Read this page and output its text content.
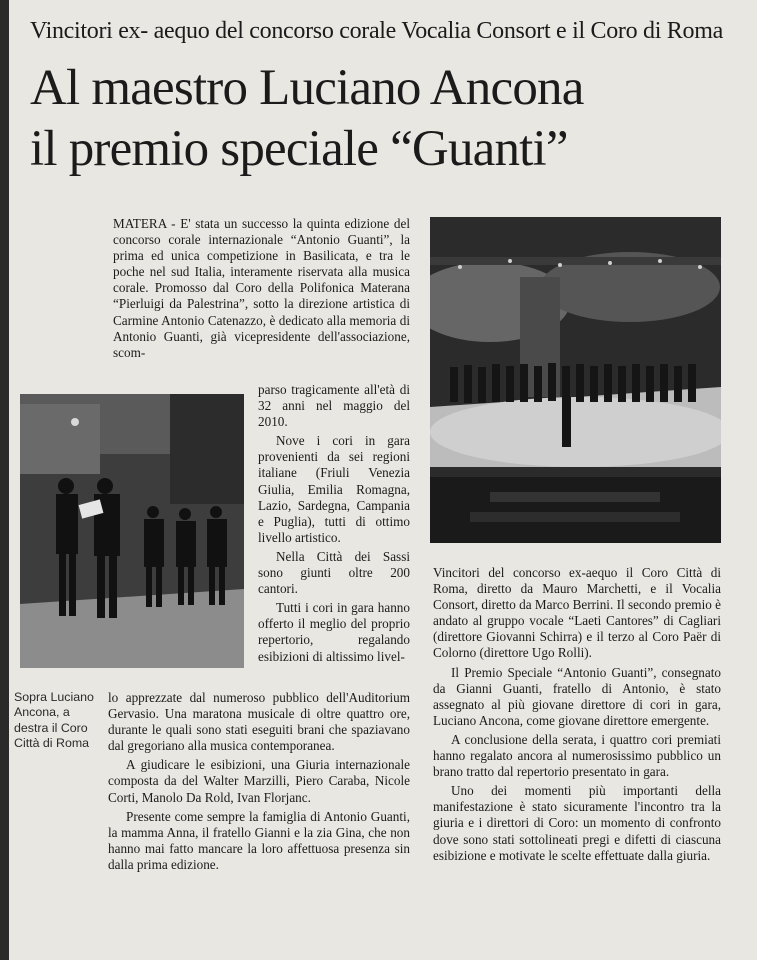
Vincitori ex- aequo del concorso corale Vocalia Consort e il Coro di Roma
Al maestro Luciano Ancona
il premio speciale “Guanti”

MATERA - E' stata un successo la quinta edizione del concorso corale internazionale “Antonio Guanti”, la prima ed unica competizione in Basilicata, e tra le poche nel sud Italia, interamente riservata alla musica corale. Promosso dal Coro della Polifonica Materana “Pierluigi da Palestrina”, sotto la direzione artistica di Carmine Antonio Catenazzo, è dedicato alla memoria di Antonio Guanti, già vicepresidente dell'associazione, scom-

parso tragicamente all'età di 32 anni nel maggio del 2010.

Nove i cori in gara provenienti da sei regioni italiane (Friuli Venezia Giulia, Emilia Romagna, Lazio, Sardegna, Campania e Puglia), tutti di ottimo livello artistico.

Nella Città dei Sassi sono giunti oltre 200 cantori.

Tutti i cori in gara hanno offerto il meglio del proprio repertorio, regalando esibizioni di altissimo livel-

Sopra Luciano Ancona, a destra il Coro Città di Roma

lo apprezzate dal numeroso pubblico dell'Auditorium Gervasio. Una maratona musicale di oltre quattro ore, durante le quali sono stati eseguiti brani che spaziavano dal gregoriano alla musica contemporanea.

A giudicare le esibizioni, una Giuria internazionale composta da del Walter Marzilli, Piero Caraba, Nicole Corti, Manolo Da Rold, Ivan Florjanc.

Presente come sempre la famiglia di Antonio Guanti, la mamma Anna, il fratello Gianni e la zia Gina, che non hanno mai fatto mancare la loro affettuosa presenza sin dalla prima edizione.

Vincitori del concorso ex-aequo il Coro Città di Roma, diretto da Mauro Marchetti, e il Vocalia Consort, diretto da Marco Berrini. Il secondo premio è andato al gruppo vocale “Laeti Cantores” di Cagliari (direttore Giovanni Schirra) e il terzo al Coro Paër di Colorno (direttore Ugo Rolli).

Il Premio Speciale “Antonio Guanti”, consegnato da Gianni Guanti, fratello di Antonio, è stato assegnato al più giovane direttore di cori in gara, Luciano Ancona, come giovane direttore emergente.

A conclusione della serata, i quattro cori premiati hanno regalato ancora al numerosissimo pubblico un brano tratto dal repertorio presentato in gara.

Uno dei momenti più importanti della manifestazione è stato sicuramente l'incontro tra la giuria e i direttori di Coro: un momento di confronto dove sono stati sottolineati pregi e difetti di ciascuna esibizione e motivate le scelte effettuate dalla giuria.
